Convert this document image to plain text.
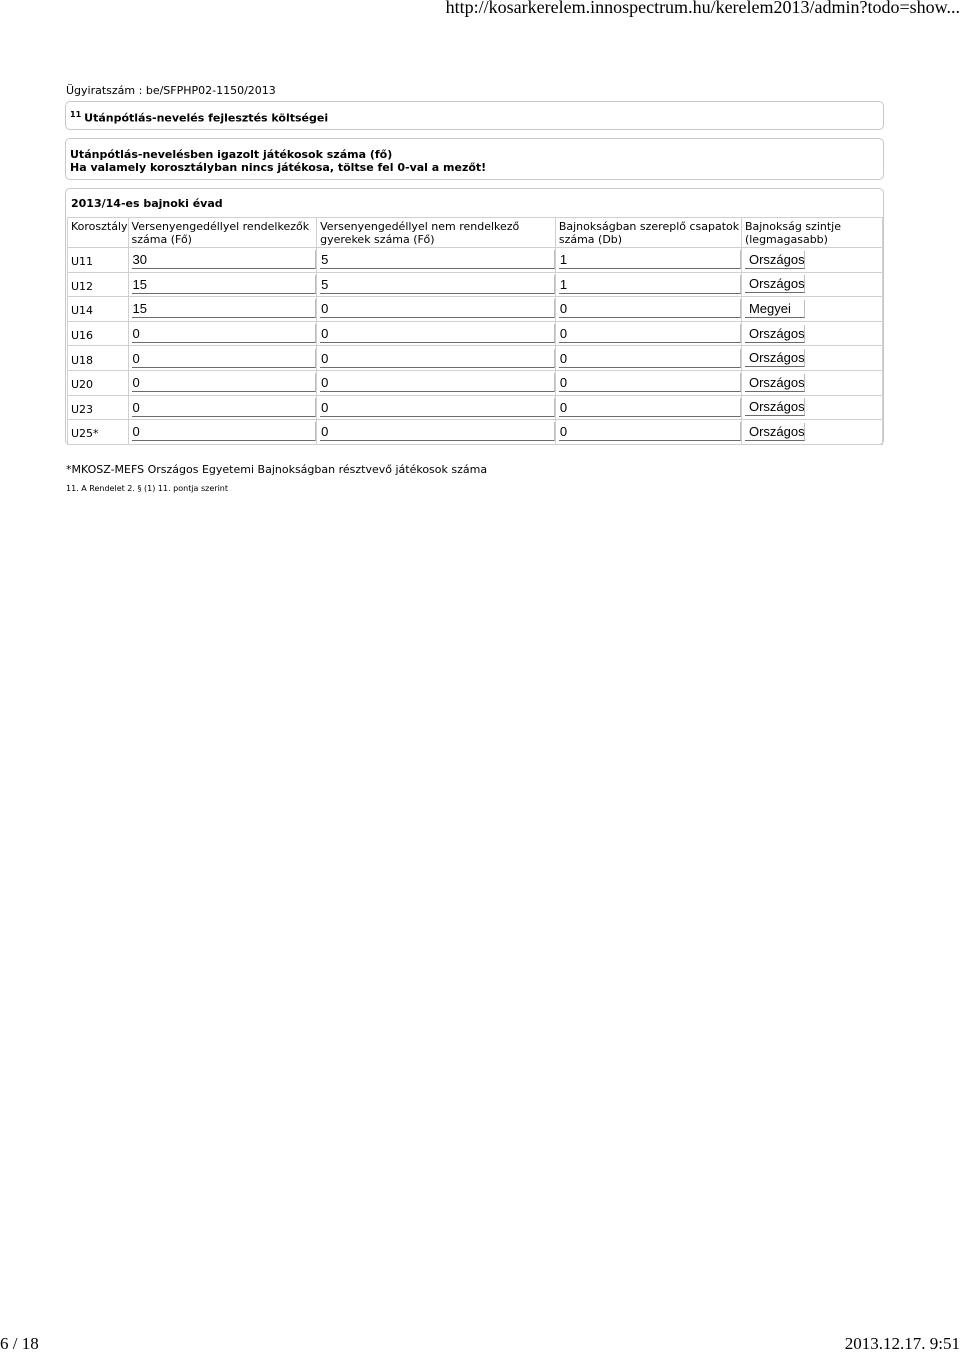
http://kosarkerelem.innospectrum.hu/kerelem2013/admin?todo=show...
Ügyiratszám : be/SFPHP02-1150/2013
$^{11}$ Utánpótlás-nevelés fejlesztés költségei
Utánpótlás-nevelésben igazolt játékosok száma (fő)
Ha valamely korosztályban nincs játékosa, töltse fel 0-val a mezőt!
2013/14-es bajnoki évad
Korosztály	Versenyengedéllyel rendelkezők száma (Fő)	Versenyengedéllyel nem rendelkező gyerekek száma (Fő)	Bajnokságban szereplő csapatok száma (Db)	Bajnokság szintje (legmagasabb)
U11	30	5	1	Országos
U12	15	5	1	Országos
U14	15	0	0	Megyei
U16	0	0	0	Országos
U18	0	0	0	Országos
U20	0	0	0	Országos
U23	0	0	0	Országos
U25*	0	0	0	Országos
*MKOSZ-MEFS Országos Egyetemi Bajnokságban résztvevő játékosok száma
11. A Rendelet 2. § (1) 11. pontja szerint
6 / 18	2013.12.17. 9:51
